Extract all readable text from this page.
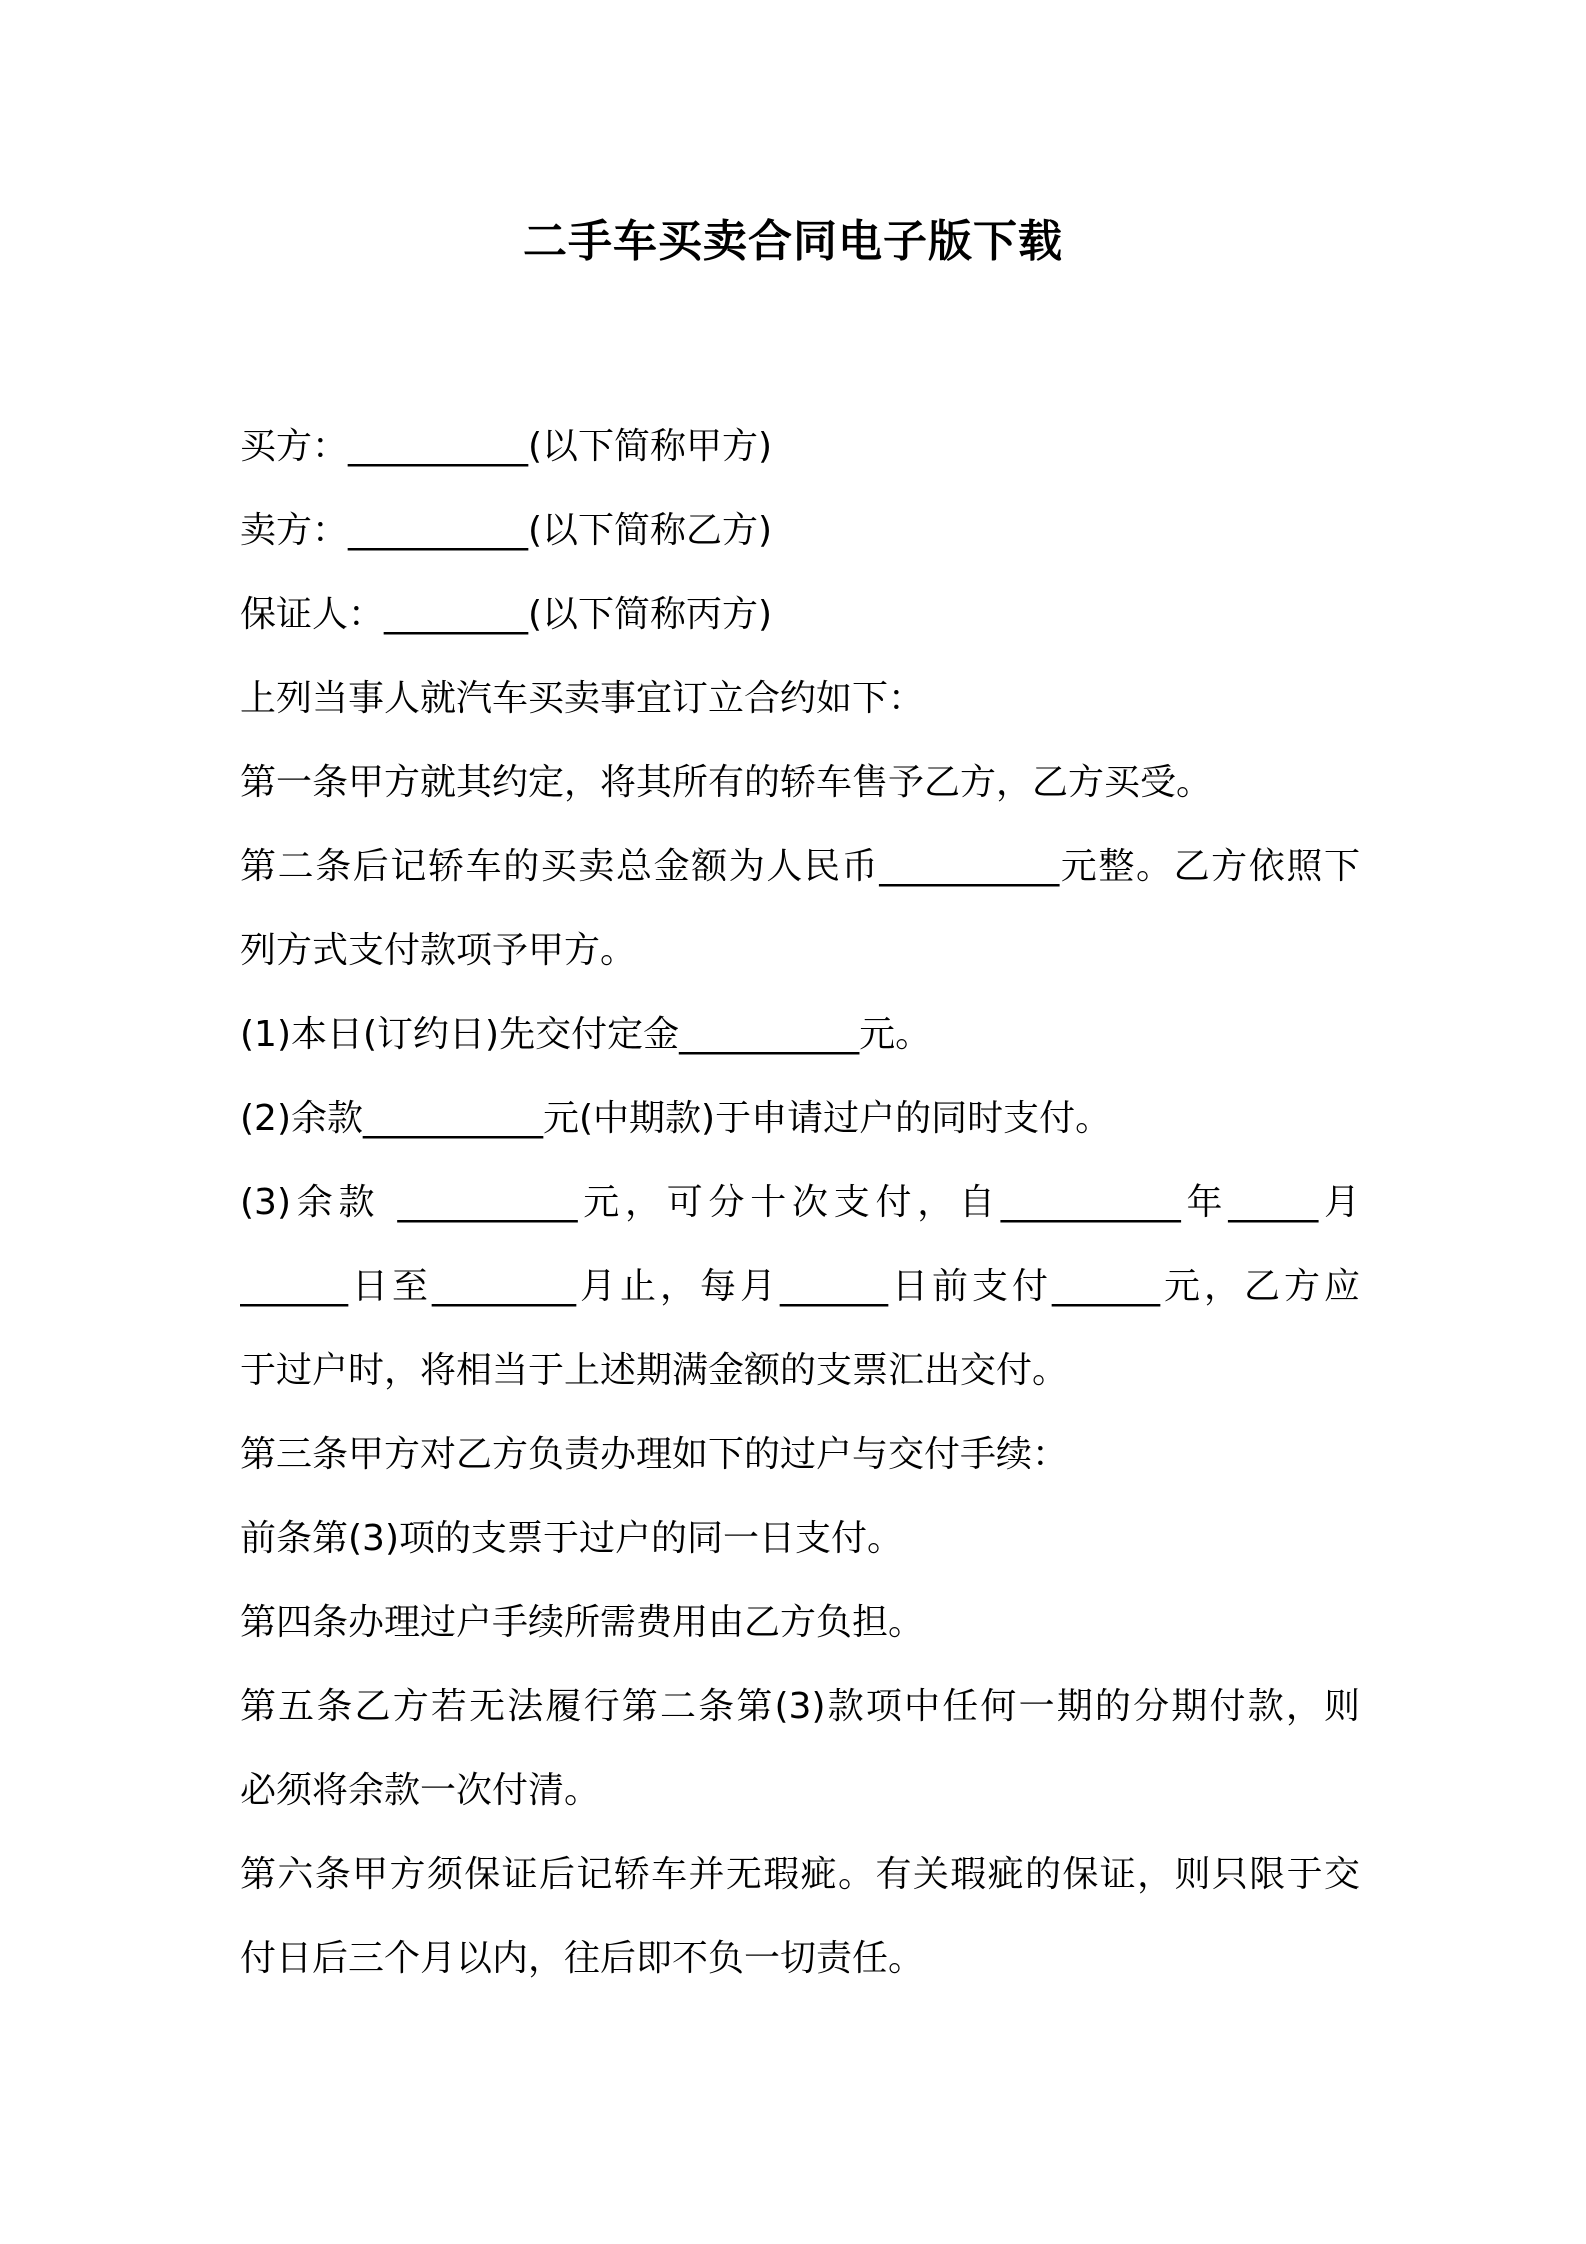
二手车买卖合同电子版下载

买方：__________(以下简称甲方)

卖方：__________(以下简称乙方)

保证人：________(以下简称丙方)

上列当事人就汽车买卖事宜订立合约如下：

第一条甲方就其约定，将其所有的轿车售予乙方，乙方买受。

第二条后记轿车的买卖总金额为人民币__________元整。乙方依照下

列方式支付款项予甲方。

(1)本日(订约日)先交付定金__________元。

(2)余款__________元(中期款)于申请过户的同时支付。

(3)余款 __________元，可分十次支付，自__________年_____月

______日至________月止，每月______日前支付______元，乙方应

于过户时，将相当于上述期满金额的支票汇出交付。

第三条甲方对乙方负责办理如下的过户与交付手续：

前条第(3)项的支票于过户的同一日支付。

第四条办理过户手续所需费用由乙方负担。

第五条乙方若无法履行第二条第(3)款项中任何一期的分期付款，则

必须将余款一次付清。

第六条甲方须保证后记轿车并无瑕疵。有关瑕疵的保证，则只限于交

付日后三个月以内，往后即不负一切责任。
